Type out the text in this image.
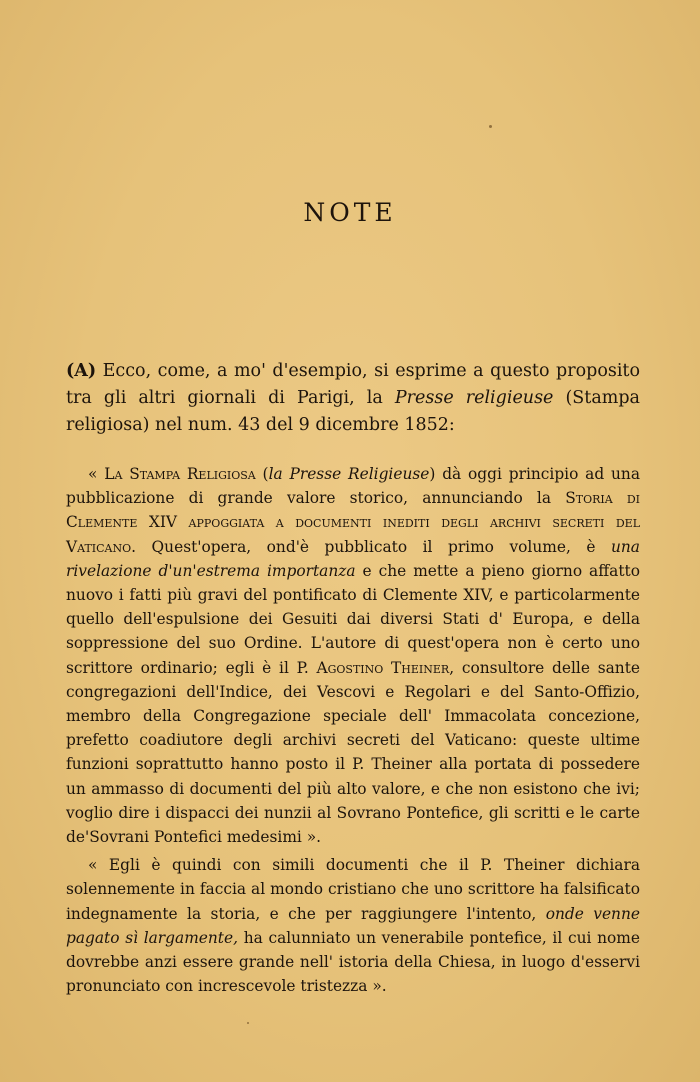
NOTE
(A) Ecco, come, a mo' d'esempio, si esprime a questo proposito tra gli altri giornali di Parigi, la Presse religieuse (Stampa religiosa) nel num. 43 del 9 dicembre 1852:

« La Stampa Religiosa (la Presse Religieuse) dà oggi principio ad una pubblicazione di grande valore storico, annunciando la Storia di Clemente XIV appoggiata a documenti inediti degli archivi secreti del Vaticano. Quest'opera, ond'è pubblicato il primo volume, è una rivelazione d'un'estrema importanza e che mette a pieno giorno affatto nuovo i fatti più gravi del pontificato di Clemente XIV, e particolarmente quello dell'espulsione dei Gesuiti dai diversi Stati d' Europa, e della soppressione del suo Ordine. L'autore di quest'opera non è certo uno scrittore ordinario; egli è il P. Agostino Theiner, consultore delle sante congregazioni dell'Indice, dei Vescovi e Regolari e del Santo-Offizio, membro della Congregazione speciale dell' Immacolata concezione, prefetto coadiutore degli archivi secreti del Vaticano: queste ultime funzioni soprattutto hanno posto il P. Theiner alla portata di possedere un ammasso di documenti del più alto valore, e che non esistono che ivi; voglio dire i dispacci dei nunzii al Sovrano Pontefice, gli scritti e le carte de'Sovrani Pontefici medesimi ».

« Egli è quindi con simili documenti che il P. Theiner dichiara solennemente in faccia al mondo cristiano che uno scrittore ha falsificato indegnamente la storia, e che per raggiungere l'intento, onde venne pagato sì largamente, ha calunniato un venerabile pontefice, il cui nome dovrebbe anzi essere grande nell' istoria della Chiesa, in luogo d'esservi pronunciato con increscevole tristezza ».
